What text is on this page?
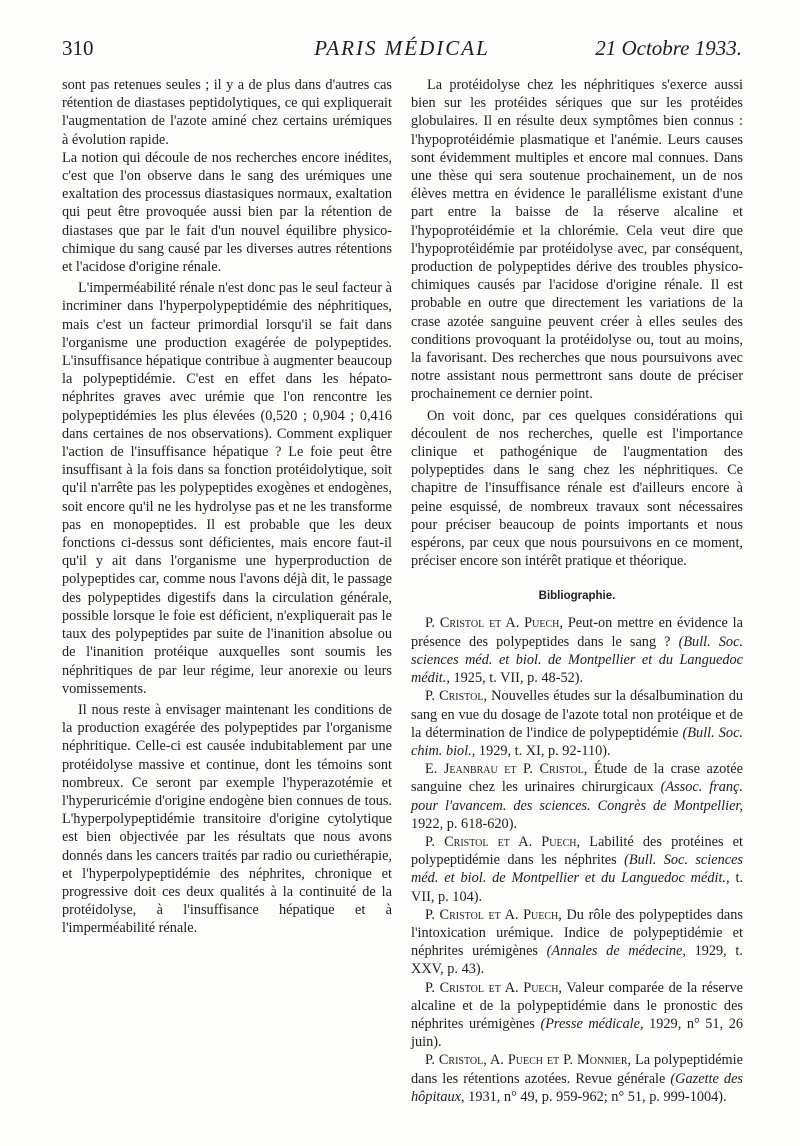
310	PARIS MÉDICAL	21 Octobre 1933.

sont pas retenues seules ; il y a de plus dans d'autres cas rétention de diastases peptidolytiques, ce qui expliquerait l'augmentation de l'azote aminé chez certains urémiques à évolution rapide.

La notion qui découle de nos recherches encore inédites, c'est que l'on observe dans le sang des urémiques une exaltation des processus diastasiques normaux, exaltation qui peut être provoquée aussi bien par la rétention de diastases que par le fait d'un nouvel équilibre physico-chimique du sang causé par les diverses autres rétentions et l'acidose d'origine rénale.

L'imperméabilité rénale n'est donc pas le seul facteur à incriminer dans l'hyperpolypeptidémie des néphritiques, mais c'est un facteur primordial lorsqu'il se fait dans l'organisme une production exagérée de polypeptides. L'insuffisance hépatique contribue à augmenter beaucoup la polypeptidémie. C'est en effet dans les hépato-néphrites graves avec urémie que l'on rencontre les polypeptidémies les plus élevées (0,520 ; 0,904 ; 0,416 dans certaines de nos observations). Comment expliquer l'action de l'insuffisance hépatique ? Le foie peut être insuffisant à la fois dans sa fonction protéidolytique, soit qu'il n'arrête pas les polypeptides exogènes et endogènes, soit encore qu'il ne les hydrolyse pas et ne les transforme pas en monopeptides. Il est probable que les deux fonctions ci-dessus sont déficientes, mais encore faut-il qu'il y ait dans l'organisme une hyperproduction de polypeptides car, comme nous l'avons déjà dit, le passage des polypeptides digestifs dans la circulation générale, possible lorsque le foie est déficient, n'expliquerait pas le taux des polypeptides par suite de l'inanition absolue ou de l'inanition protéique auxquelles sont soumis les néphritiques de par leur régime, leur anorexie ou leurs vomissements.

Il nous reste à envisager maintenant les conditions de la production exagérée des polypeptides par l'organisme néphritique. Celle-ci est causée indubitablement par une protéidolyse massive et continue, dont les témoins sont nombreux. Ce seront par exemple l'hyperazotémie et l'hyperuricémie d'origine endogène bien connues de tous. L'hyperpolypeptidémie transitoire d'origine cytolytique est bien objectivée par les résultats que nous avons donnés dans les cancers traités par radio ou curiethérapie, et l'hyperpolypeptidémie des néphrites, chronique et progressive doit ces deux qualités à la continuité de la protéidolyse, à l'insuffisance hépatique et à l'imperméabilité rénale.

La protéidolyse chez les néphritiques s'exerce aussi bien sur les protéides sériques que sur les protéides globulaires. Il en résulte deux symptômes bien connus : l'hypoprotéidémie plasmatique et l'anémie. Leurs causes sont évidemment multiples et encore mal connues. Dans une thèse qui sera soutenue prochainement, un de nos élèves mettra en évidence le parallélisme existant d'une part entre la baisse de la réserve alcaline et l'hypoprotéidémie et la chlorémie. Cela veut dire que l'hypoprotéidémie par protéidolyse avec, par conséquent, production de polypeptides dérive des troubles physico-chimiques causés par l'acidose d'origine rénale. Il est probable en outre que directement les variations de la crase azotée sanguine peuvent créer à elles seules des conditions provoquant la protéidolyse ou, tout au moins, la favorisant. Des recherches que nous poursuivons avec notre assistant nous permettront sans doute de préciser prochainement ce dernier point.

On voit donc, par ces quelques considérations qui découlent de nos recherches, quelle est l'importance clinique et pathogénique de l'augmentation des polypeptides dans le sang chez les néphritiques. Ce chapitre de l'insuffisance rénale est d'ailleurs encore à peine esquissé, de nombreux travaux sont nécessaires pour préciser beaucoup de points importants et nous espérons, par ceux que nous poursuivons en ce moment, préciser encore son intérêt pratique et théorique.

Bibliographie.

P. Cristol et A. Puech, Peut-on mettre en évidence la présence des polypeptides dans le sang ? (Bull. Soc. sciences méd. et biol. de Montpellier et du Languedoc médit., 1925, t. VII, p. 48-52).

P. Cristol, Nouvelles études sur la désalbumination du sang en vue du dosage de l'azote total non protéique et de la détermination de l'indice de polypeptidémie (Bull. Soc. chim. biol., 1929, t. XI, p. 92-110).

E. Jeanbrau et P. Cristol, Étude de la crase azotée sanguine chez les urinaires chirurgicaux (Assoc. franç. pour l'avancem. des sciences. Congrès de Montpellier, 1922, p. 618-620).

P. Cristol et A. Puech, Labilité des protéines et polypeptidémie dans les néphrites (Bull. Soc. sciences méd. et biol. de Montpellier et du Languedoc médit., t. VII, p. 104).

P. Cristol et A. Puech, Du rôle des polypeptides dans l'intoxication urémique. Indice de polypeptidémie et néphrites urémigènes (Annales de médecine, 1929, t. XXV, p. 43).

P. Cristol et A. Puech, Valeur comparée de la réserve alcaline et de la polypeptidémie dans le pronostic des néphrites urémigènes (Presse médicale, 1929, n° 51, 26 juin).

P. Cristol, A. Puech et P. Monnier, La polypeptidémie dans les rétentions azotées. Revue générale (Gazette des hôpitaux, 1931, n° 49, p. 959-962; n° 51, p. 999-1004).
